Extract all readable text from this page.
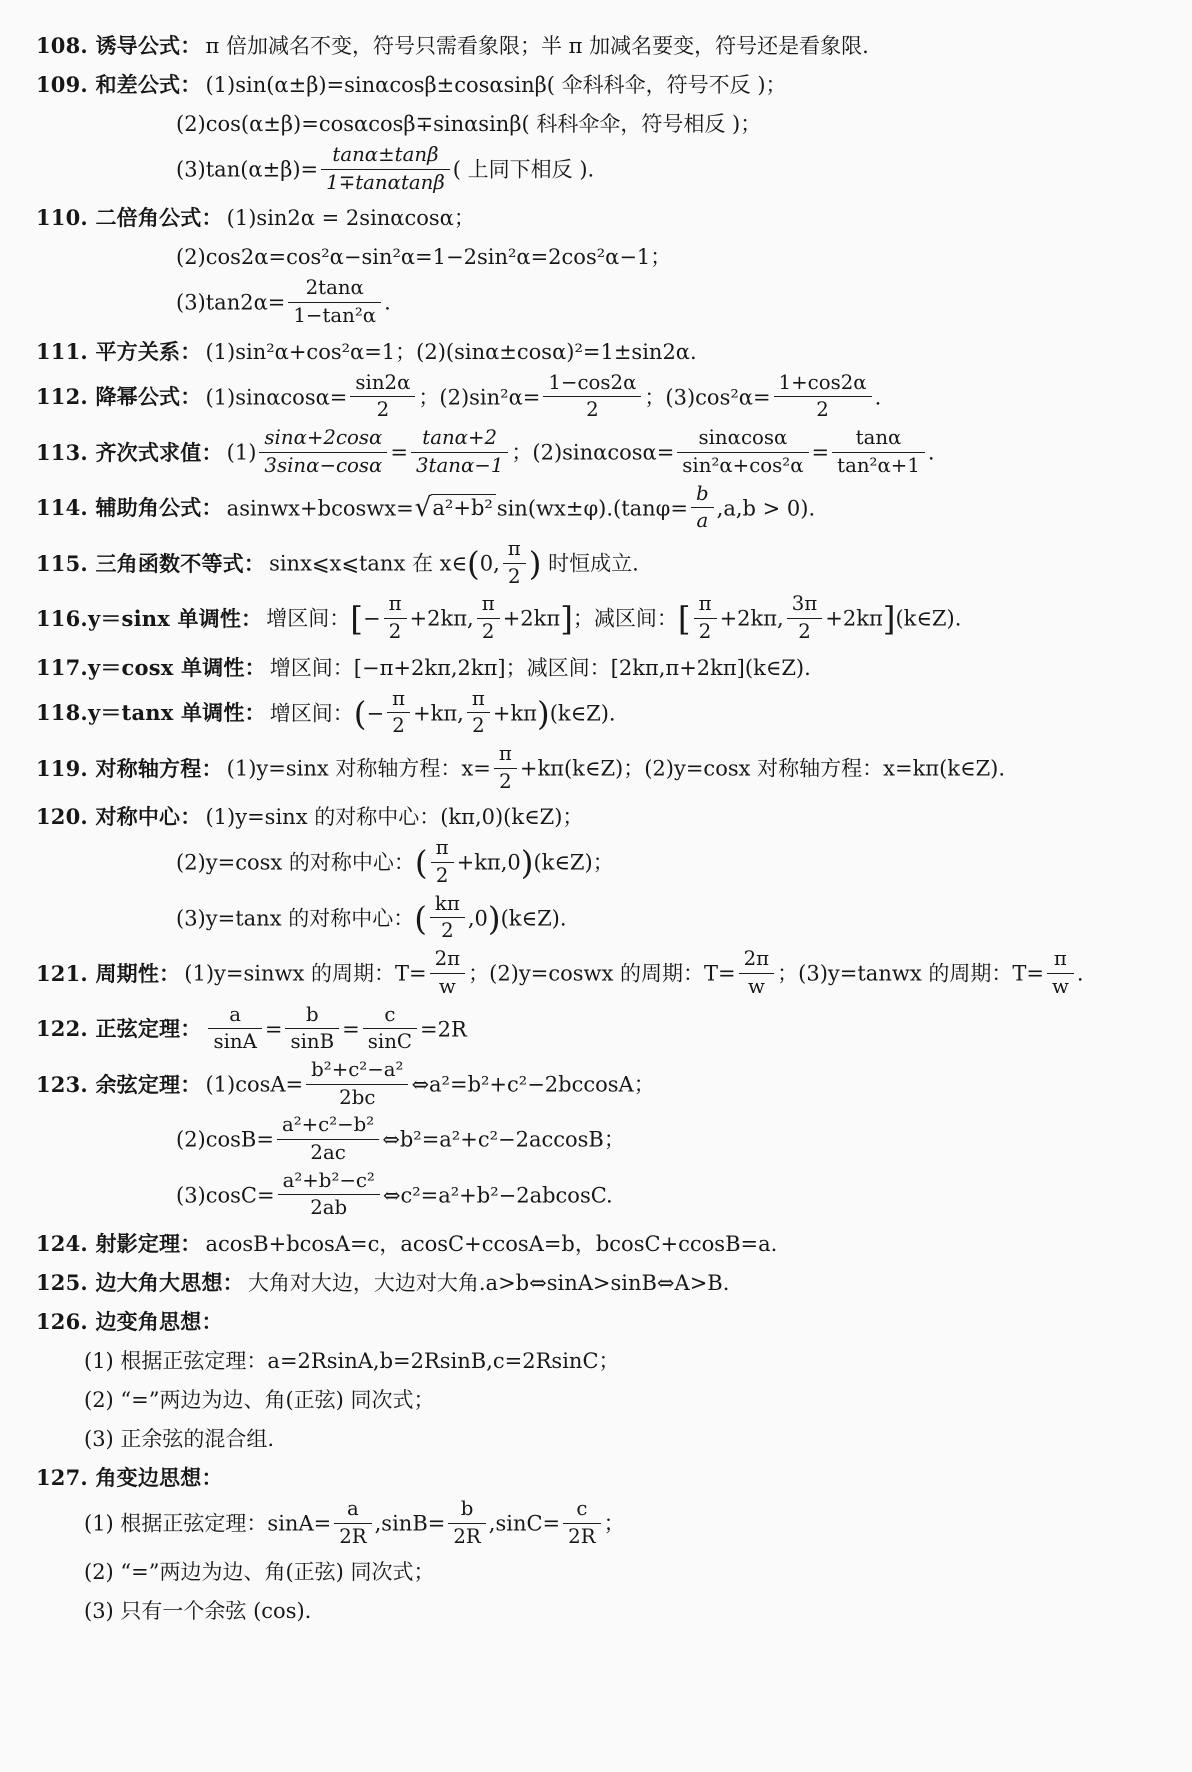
108. 诱导公式： π 倍加减名不变，符号只需看象限；半 π 加减名要变，符号还是看象限.
109. 和差公式： (1)sin(α±β)=sinαcosβ±cosαsinβ( 伞科科伞，符号不反 )；
(2)cos(α±β)=cosαcosβ∓sinαsinβ( 科科伞伞，符号相反 )；
$(3)\tan(\alpha\pm\beta)= \frac{\tan\alpha\pm\tan\beta}{1\mp\tan\alpha\tan\beta}$ ( 上同下相反 ).
110. 二倍角公式： (1)sin2α = 2sinαcosα；
(2)cos2α=cos²α−sin²α=1−2sin²α=2cos²α−1；
$(3)\tan 2\alpha= \frac{2\tan\alpha}{\text{1−tan²α}}$ .
111. 平方关系： (1)sin²α+cos²α=1；(2)(sinα±cosα)²=1±sin2α.
112. 降幂公式： $(1)\sin\alpha\cos\alpha= \frac{\sin 2\alpha}{2}$ ；$(2)\sin^2\alpha= \frac{1-\cos 2\alpha}{2}$ ；$(3)\cos^2\alpha= \frac{1+\cos 2\alpha}{2}$ .
113. 齐次式求值： $(1) \frac{\sin\alpha+2\cos\alpha}{3\sin\alpha-\cos\alpha} = \frac{\tan\alpha+2}{3\tan\alpha-1}$ ；$(2)\sin\alpha\cos\alpha= \frac{\sin\alpha\cos\alpha}{\text{sin²α+cos²α}} = \frac{\tan\alpha}{\text{tan²α+1}}$ .
114. 辅助角公式： asinwx+bcoswx= √ a²+b² $\sin(wx\pm\varphi).(\tan\varphi= \frac{b}{a} ,a,b > 0)$.
115. 三角函数不等式： sinx⩽x⩽tanx 在 x∈(0, $\frac{\pi}{2}$ ) 时恒成立.
116.y＝sinx 单调性： 增区间：[− $\frac{\pi}{2} +2k\pi$, $\frac{\pi}{2} +2k\pi$]；减区间：[ $\frac{\pi}{2} +2k\pi$, $\frac{3\pi}{2}$ +2kπ](k∈Z).
117.y＝cosx 单调性： 增区间：[−π+2kπ,2kπ]；减区间：[2kπ,π+2kπ](k∈Z).
118.y＝tanx 单调性： 增区间：(− $\frac{\pi}{2} +k\pi$, $\frac{\pi}{2}$ +kπ)(k∈Z).
119. 对称轴方程： (1)y=sinx 对称轴方程：$x= \frac{\pi}{2}$ +kπ(k∈Z)；(2)y=cosx 对称轴方程：x=kπ(k∈Z).
120. 对称中心： (1)y=sinx 的对称中心：(kπ,0)(k∈Z)；
(2)y=cosx 的对称中心：( $\frac{\pi}{2}$ +kπ,0)(k∈Z)；
(3)y=tanx 的对称中心：( $\frac{k\pi}{2}$ ,0)(k∈Z).
121. 周期性： (1)y=sinwx 的周期：$T= \frac{2\pi}{w}$ ；(2)y=coswx 的周期：$T= \frac{2\pi}{w}$ ；(3)y=tanwx 的周期：$T= \frac{\pi}{w}$ .
122. 正弦定理： $\frac{a}{\sin A} = \frac{b}{\sin B} = \frac{c}{\sin C} =2R$
123. 余弦定理： $(1)\cos A= \frac{\text{b²+c²−a²}}{2bc}$ ⇔a²=b²+c²−2bccosA；
$(2)\cos B= \frac{\text{a²+c²−b²}}{2ac}$ ⇔b²=a²+c²−2accosB；
$(3)\cos C= \frac{\text{a²+b²−c²}}{2ab}$ ⇔c²=a²+b²−2abcosC.
124. 射影定理： acosB+bcosA=c，acosC+ccosA=b，bcosC+ccosB=a.
125. 边大角大思想： 大角对大边，大边对大角.a>b⇔sinA>sinB⇔A>B.
126. 边变角思想：
(1) 根据正弦定理：a=2RsinA,b=2RsinB,c=2RsinC；
(2) “=”两边为边、角(正弦) 同次式；
(3) 正余弦的混合组.
127. 角变边思想：
(1) 根据正弦定理：$\sin A= \frac{a}{2R} ,\sin B= \frac{b}{2R} ,\sin C= \frac{c}{2R}$ ；
(2) “=”两边为边、角(正弦) 同次式；
(3) 只有一个余弦 (cos).
